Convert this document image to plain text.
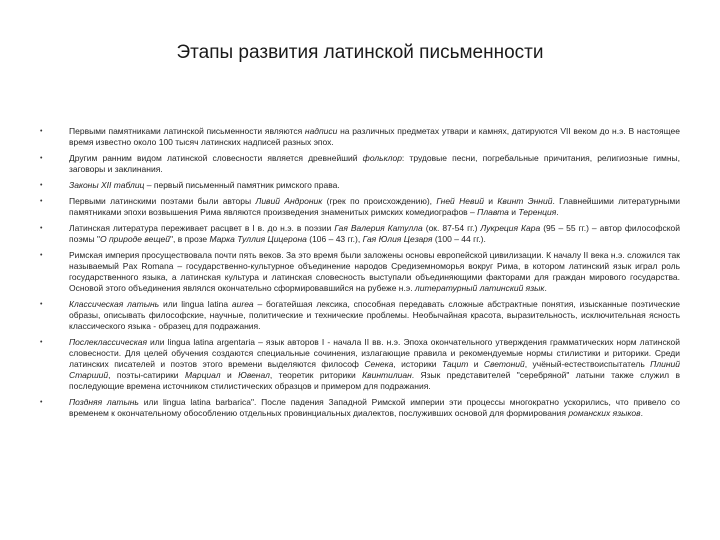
Этапы развития латинской письменности
•	Первыми памятниками латинской письменности являются надписи на различных предметах утвари и камнях, датируются VII веком до н.э. В настоящее время известно около 100 тысяч латинских надписей разных эпох.
•	Другим ранним видом латинской словесности является древнейший фольклор: трудовые песни, погребальные причитания, религиозные гимны, заговоры и заклинания.
•	Законы XII таблиц – первый письменный памятник римского права.
•	Первыми латинскими поэтами были авторы Ливий Андроник (грек по происхождению), Гней Невий и Квинт Энний. Главнейшими литературными памятниками эпохи возвышения Рима являются произведения знаменитых римских комедиографов – Плавта и Теренция.
•	Латинская литература переживает расцвет в I в. до н.э. в поэзии Гая Валерия Катулла (ок. 87-54 гг.) Лукреция Кара (95 – 55 гг.) – автор философской поэмы "О природе вещей", в прозе Марка Туллия Цицерона (106 – 43 гг.), Гая Юлия Цезаря (100 – 44 гг.).
•	Римская империя просуществовала почти пять веков. За это время были заложены основы европейской цивилизации. К началу II века н.э. сложился так называемый Pax Romana – государственно-культурное объединение народов Средиземноморья вокруг Рима, в котором латинский язык играл роль государственного языка, а латинская культура и латинская словесность выступали объединяющими факторами для граждан мирового государства. Основой этого объединения являлся окончательно сформировавшийся на рубеже н.э. литературный латинский язык.
•	Классическая латынь или lingua latina aurea – богатейшая лексика, способная передавать сложные абстрактные понятия, изысканные поэтические образы, описывать философские, научные, политические и технические проблемы. Необычайная красота, выразительность, исключительная ясность классического языка - образец для подражания.
•	Послеклассическая или lingua latina argentaria – язык авторов I - начала II вв. н.э. Эпоха окончательного утверждения грамматических норм латинской словесности. Для целей обучения создаются специальные сочинения, излагающие правила и рекомендуемые нормы стилистики и риторики. Среди латинских писателей и поэтов этого времени выделяются философ Сенека, историки Тацит и Светоний, учёный-естествоиспытатель Плиний Старший, поэты-сатирики Марциал и Ювенал, теоретик риторики Квинтилиан. Язык представителей "серебряной" латыни также служил в последующие времена источником стилистических образцов и примером для подражания.
•	Поздняя латынь или lingua latina barbarica". После падения Западной Римской империи эти процессы многократно ускорились, что привело со временем к окончательному обособлению отдельных провинциальных диалектов, послуживших основой для формирования романских языков.
